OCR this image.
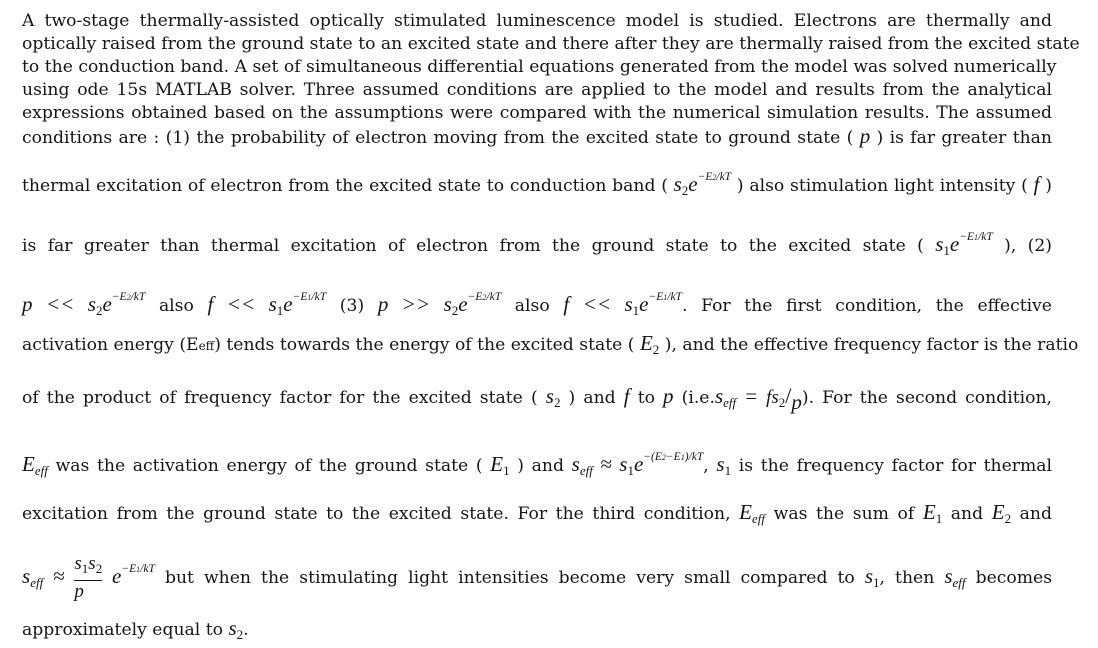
A two-stage thermally-assisted optically stimulated luminescence model is studied. Electrons are thermally and
optically raised from the ground state to an excited state and there after they are thermally raised from the excited state
to the conduction band. A set of simultaneous differential equations generated from the model was solved numerically
using ode 15s MATLAB solver. Three assumed conditions are applied to the model and results from the analytical
expressions obtained based on the assumptions were compared with the numerical simulation results. The assumed
conditions are : (1) the probability of electron moving from the excited state to ground state ( p ) is far greater than
thermal excitation of electron from the excited state to conduction band ( $s_2e^{-E2/kT}$ ) also stimulation light intensity ( f )
is far greater than thermal excitation of electron from the ground state to the excited state ( $s_1e^{-E1/kT}$ ), (2)
$p << s_2e^{-E2/kT}$ also $f << s_1e^{-E1/kT}$ (3) $p >> s_2e^{-E2/kT}$ also $f << s_1e^{-E1/kT}$. For the first condition, the effective
activation energy (Eeff) tends towards the energy of the excited state ( $E_2$ ), and the effective frequency factor is the ratio
of the product of frequency factor for the excited state ( $s_2$ ) and f to p (i.e.seff = $fs_2/p$). For the second condition,
Eeff was the activation energy of the ground state ( $E_1$ ) and seff ≈ $s_1e^{-(E2-E1)/kT}$, $s_1$ is the frequency factor for thermal
excitation from the ground state to the excited state. For the third condition, Eeff was the sum of $E_1$ and $E_2$ and
seff ≈ $\frac{s_1s_2}{p} e^{-E1/kT}$ but when the stimulating light intensities become very small compared to $s_1$, then seff becomes
approximately equal to $s_2$.
